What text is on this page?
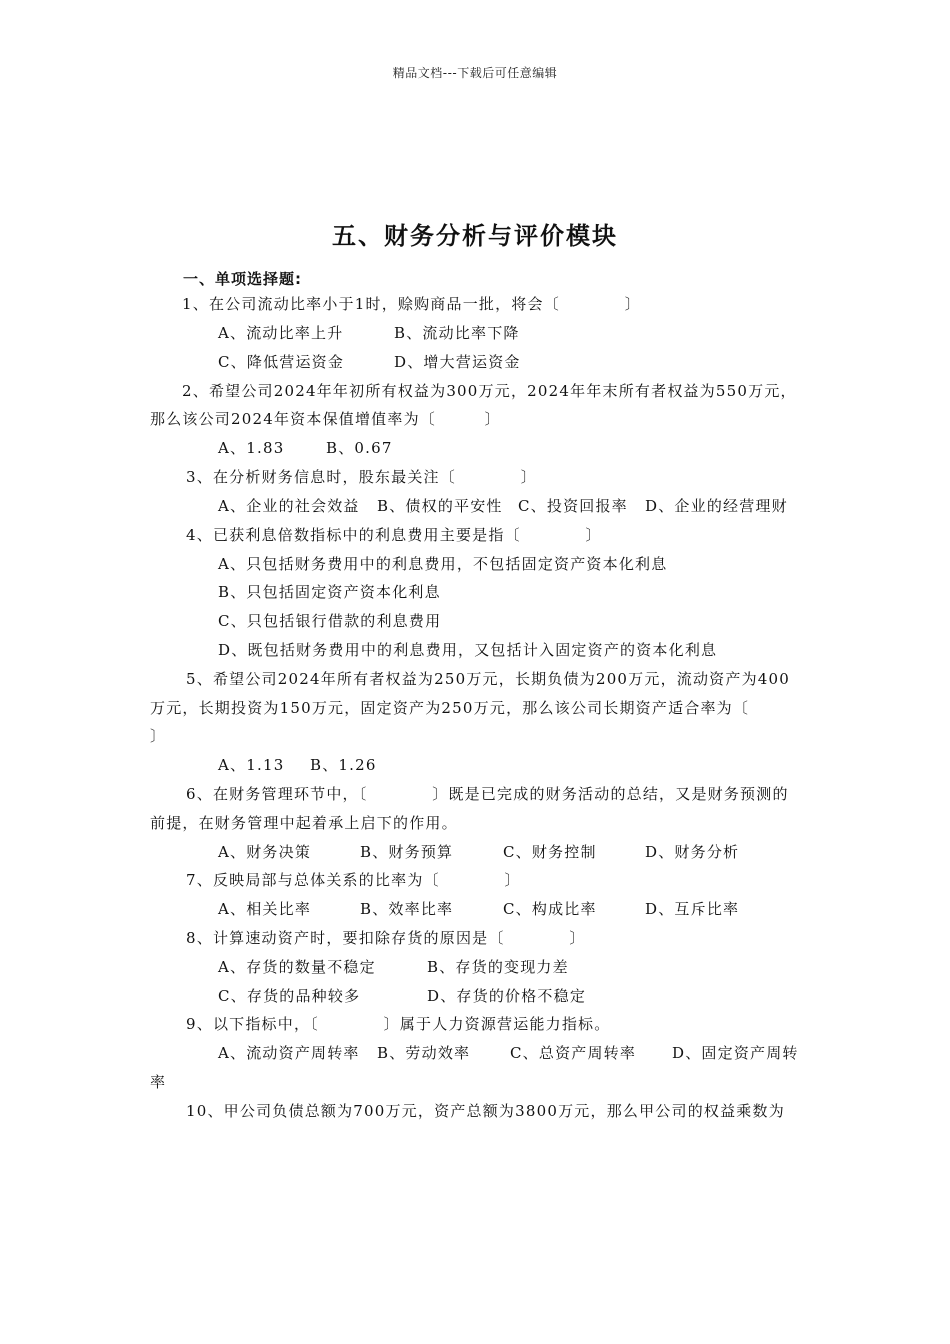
精品文档---下载后可任意编辑
五、财务分析与评价模块
一、单项选择题:
1、在公司流动比率小于1时，赊购商品一批，将会〔　　　　〕
A、流动比率上升	B、流动比率下降
C、降低营运资金	D、增大营运资金
2、希望公司2024年年初所有权益为300万元，2024年年末所有者权益为550万元，
那么该公司2024年资本保值增值率为〔　　　〕
A、1.83	B、0.67
3、在分析财务信息时，股东最关注〔　　　　〕
A、企业的社会效益 B、债权的平安性 C、投资回报率 D、企业的经营理财
4、已获利息倍数指标中的利息费用主要是指〔　　　　〕
A、只包括财务费用中的利息费用，不包括固定资产资本化利息
B、只包括固定资产资本化利息
C、只包括银行借款的利息费用
D、既包括财务费用中的利息费用，又包括计入固定资产的资本化利息
5、希望公司2024年所有者权益为250万元，长期负债为200万元，流动资产为400
万元，长期投资为150万元，固定资产为250万元，那么该公司长期资产适合率为〔
〕
A、1.13 B、1.26
6、在财务管理环节中，〔　　　　〕既是已完成的财务活动的总结，又是财务预测的
前提，在财务管理中起着承上启下的作用。
A、财务决策	B、财务预算	C、财务控制	D、财务分析
7、反映局部与总体关系的比率为〔　　　　〕
A、相关比率	B、效率比率	C、构成比率	D、互斥比率
8、计算速动资产时，要扣除存货的原因是〔　　　　〕
A、存货的数量不稳定	B、存货的变现力差
C、存货的品种较多	D、存货的价格不稳定
9、以下指标中，〔　　　　〕属于人力资源营运能力指标。
A、流动资产周转率 B、劳动效率	C、总资产周转率 D、固定资产周转
率
10、甲公司负债总额为700万元，资产总额为3800万元，那么甲公司的权益乘数为
